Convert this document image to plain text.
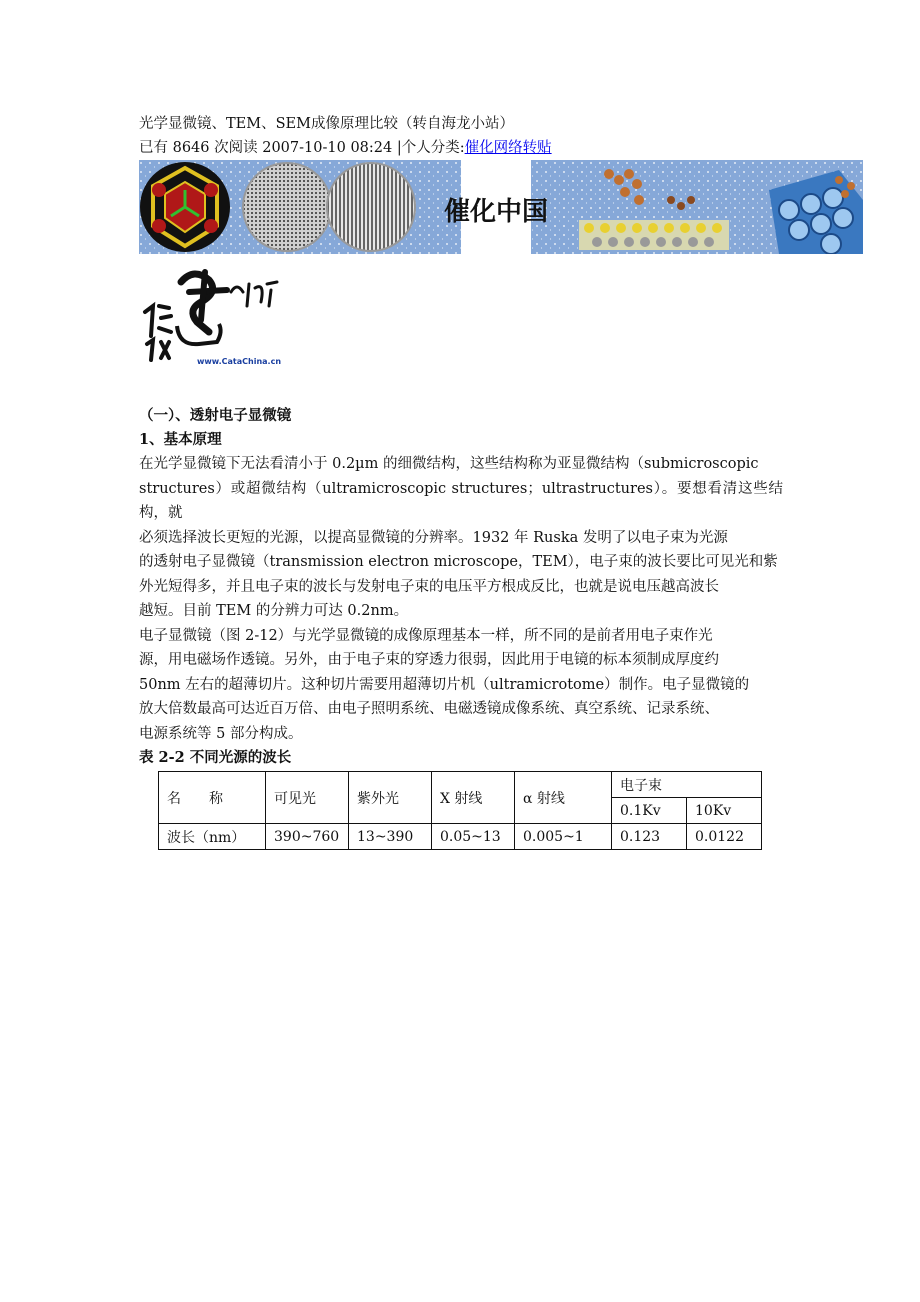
光学显微镜、TEM、SEM成像原理比较（转自海龙小站）
已有 8646 次阅读 2007-10-10 08:24 |个人分类:催化网络转贴
催化中国
www.CataChina.cn
（一）、透射电子显微镜
1、基本原理

在光学显微镜下无法看清小于 0.2µm 的细微结构，这些结构称为亚显微结构（submicroscopic
structures）或超微结构（ultramicroscopic structures；ultrastructures）。要想看清这些结构，就
必须选择波长更短的光源，以提高显微镜的分辨率。1932 年 Ruska 发明了以电子束为光源
的透射电子显微镜（transmission electron microscope，TEM），电子束的波长要比可见光和紫
外光短得多，并且电子束的波长与发射电子束的电压平方根成反比，也就是说电压越高波长
越短。目前 TEM 的分辨力可达 0.2nm。

电子显微镜（图 2-12）与光学显微镜的成像原理基本一样，所不同的是前者用电子束作光
源，用电磁场作透镜。另外，由于电子束的穿透力很弱，因此用于电镜的标本须制成厚度约
50nm 左右的超薄切片。这种切片需要用超薄切片机（ultramicrotome）制作。电子显微镜的
放大倍数最高可达近百万倍、由电子照明系统、电磁透镜成像系统、真空系统、记录系统、
电源系统等 5 部分构成。

表 2-2 不同光源的波长
名　　称	可见光	紫外光	X 射线	α 射线	电子束	
					0.1Kv	10Kv
波长（nm）	390~760	13~390	0.05~13	0.005~1	0.123	0.0122
